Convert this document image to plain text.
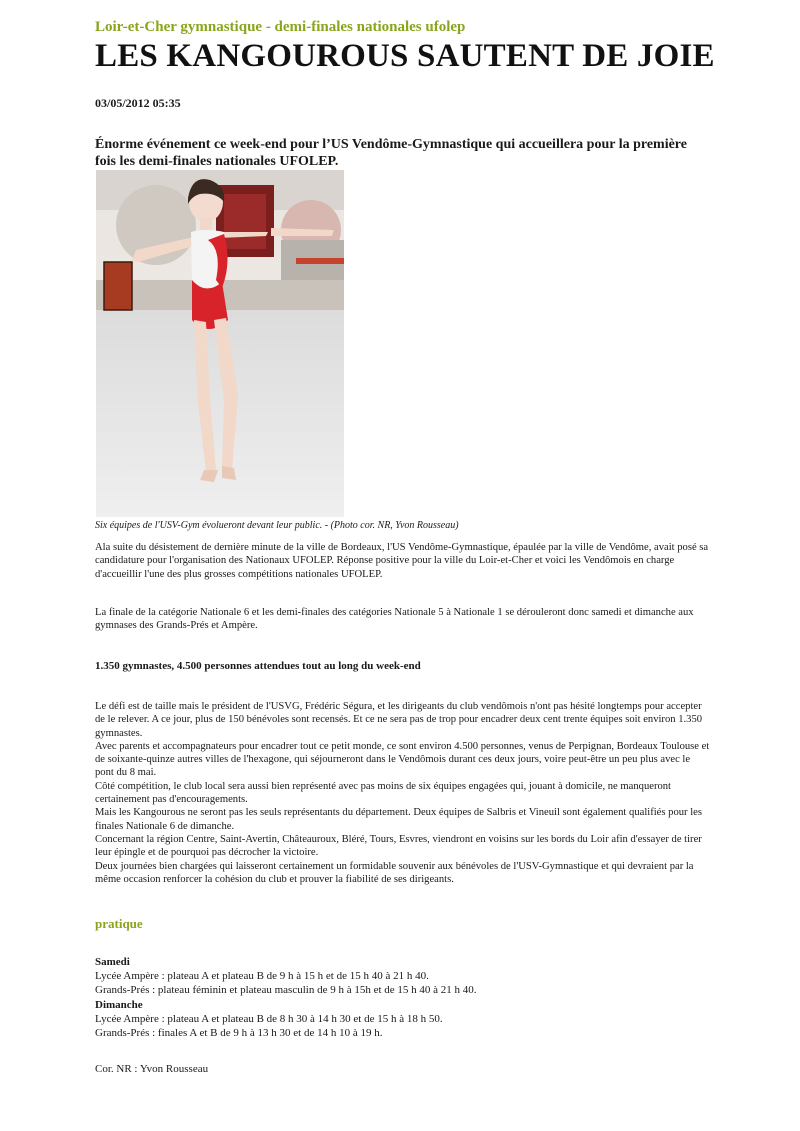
Loir-et-Cher gymnastique - demi-finales nationales ufolep

LES KANGOUROUS SAUTENT DE JOIE
03/05/2012 05:35
Énorme événement ce week-end pour l’US Vendôme-Gymnastique qui accueillera pour la première fois les demi-finales nationales UFOLEP.
Six équipes de l'USV-Gym évolueront devant leur public. - (Photo cor. NR, Yvon Rousseau)
Ala suite du désistement de dernière minute de la ville de Bordeaux, l'US Vendôme-Gymnastique, épaulée par la ville de Vendôme, avait posé sa candidature pour l'organisation des Nationaux UFOLEP. Réponse positive pour la ville du Loir-et-Cher et voici les Vendômois en charge d'accueillir l'une des plus grosses compétitions nationales UFOLEP.
La finale de la catégorie Nationale 6 et les demi-finales des catégories Nationale 5 à Nationale 1 se dérouleront donc samedi et dimanche aux gymnases des Grands-Prés et Ampère.
1.350 gymnastes, 4.500 personnes attendues tout au long du week-end

Le défi est de taille mais le président de l'USVG, Frédéric Ségura, et les dirigeants du club vendômois n'ont pas hésité longtemps pour accepter de le relever. A ce jour, plus de 150 bénévoles sont recensés. Et ce ne sera pas de trop pour encadrer deux cent trente équipes soit environ 1.350 gymnastes.

Avec parents et accompagnateurs pour encadrer tout ce petit monde, ce sont environ 4.500 personnes, venus de Perpignan, Bordeaux Toulouse et de soixante-quinze autres villes de l'hexagone, qui séjourneront dans le Vendômois durant ces deux jours, voire peut-être un peu plus avec le pont du 8 mai.

Côté compétition, le club local sera aussi bien représenté avec pas moins de six équipes engagées qui, jouant à domicile, ne manqueront certainement pas d'encouragements.

Mais les Kangourous ne seront pas les seuls représentants du département. Deux équipes de Salbris et Vineuil sont également qualifiés pour les finales Nationale 6 de dimanche.

Concernant la région Centre, Saint-Avertin, Châteauroux, Bléré, Tours, Esvres, viendront en voisins sur les bords du Loir afin d'essayer de tirer leur épingle et de pourquoi pas décrocher la victoire.

Deux journées bien chargées qui laisseront certainement un formidable souvenir aux bénévoles de l'USV-Gymnastique et qui devraient par la même occasion renforcer la cohésion du club et prouver la fiabilité de ses dirigeants.

pratique
Samedi
Lycée Ampère : plateau A et plateau B de 9 h à 15 h et de 15 h 40 à 21 h 40.
Grands-Prés : plateau féminin et plateau masculin de 9 h à 15h et de 15 h 40 à 21 h 40.
Dimanche
Lycée Ampère : plateau A et plateau B de 8 h 30 à 14 h 30 et de 15 h à 18 h 50.
Grands-Prés : finales A et B de 9 h à 13 h 30 et de 14 h 10 à 19 h.
Cor. NR : Yvon Rousseau
